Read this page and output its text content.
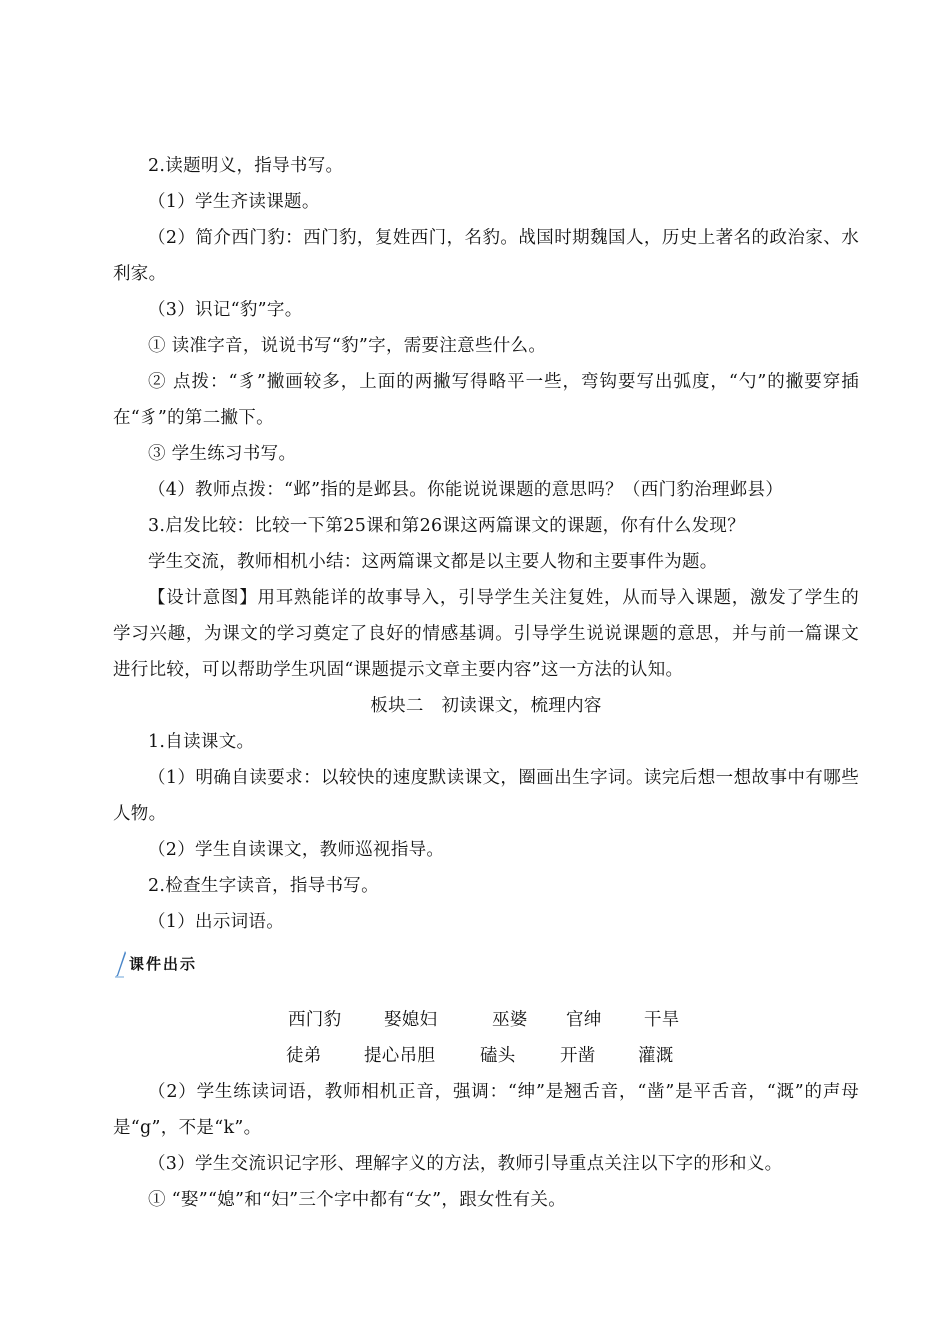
2.读题明义，指导书写。

（1）学生齐读课题。

（2）简介西门豹：西门豹，复姓西门，名豹。战国时期魏国人，历史上著名的政治家、水利家。

（3）识记“豹”字。

① 读准字音，说说书写“豹”字，需要注意些什么。

② 点拨：“豸”撇画较多，上面的两撇写得略平一些，弯钩要写出弧度，“勺”的撇要穿插在“豸”的第二撇下。

③ 学生练习书写。

（4）教师点拨：“邺”指的是邺县。你能说说课题的意思吗？（西门豹治理邺县）

3.启发比较：比较一下第25课和第26课这两篇课文的课题，你有什么发现？

学生交流，教师相机小结：这两篇课文都是以主要人物和主要事件为题。

【设计意图】用耳熟能详的故事导入，引导学生关注复姓，从而导入课题，激发了学生的学习兴趣，为课文的学习奠定了良好的情感基调。引导学生说说课题的意思，并与前一篇课文进行比较，可以帮助学生巩固“课题提示文章主要内容”这一方法的认知。

板块二　初读课文，梳理内容

1.自读课文。

（1）明确自读要求：以较快的速度默读课文，圈画出生字词。读完后想一想故事中有哪些人物。

（2）学生自读课文，教师巡视指导。

2.检查生字读音，指导书写。

（1）出示词语。

课件出示
西门豹	娶媳妇	巫婆	官绅	干旱
徒弟	提心吊胆	磕头	开凿	灌溉

（2）学生练读词语，教师相机正音，强调：“绅”是翘舌音，“凿”是平舌音，“溉”的声母是“g”，不是“k”。

（3）学生交流识记字形、理解字义的方法，教师引导重点关注以下字的形和义。

① “娶”“媳”和“妇”三个字中都有“女”，跟女性有关。
